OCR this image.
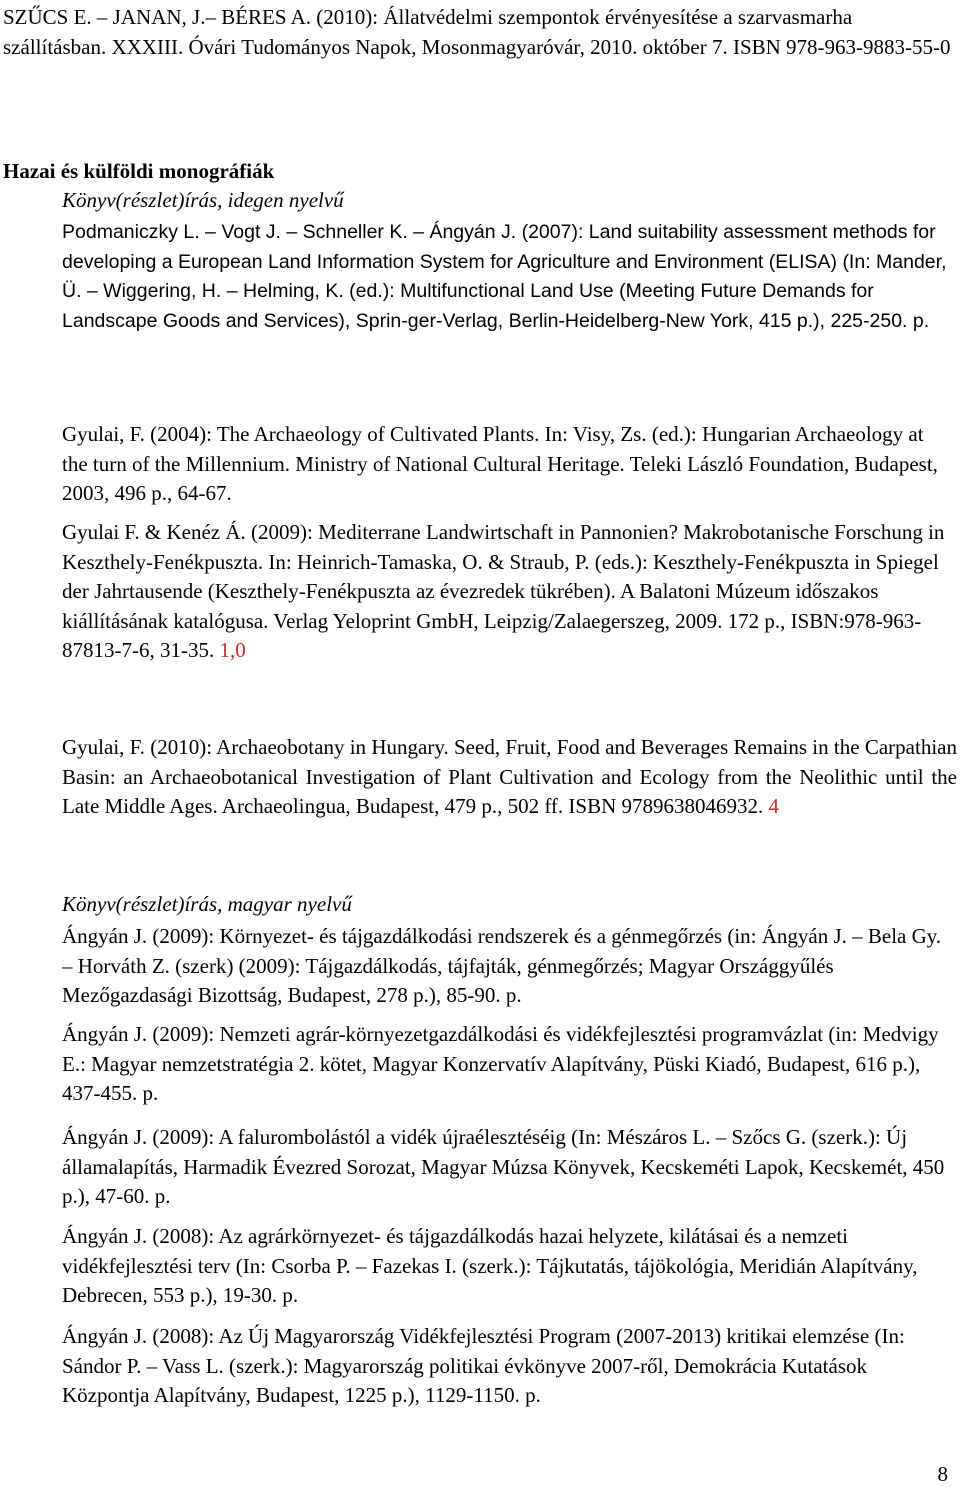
SZŰCS E. – JANAN, J.– BÉRES A. (2010): Állatvédelmi szempontok érvényesítése a szarvasmarha szállításban. XXXIII. Óvári Tudományos Napok, Mosonmagyaróvár, 2010. október 7. ISBN 978-963-9883-55-0

Hazai és külföldi monográfiák
Könyv(részlet)írás, idegen nyelvű

Podmaniczky L. – Vogt J. – Schneller K. – Ángyán J. (2007): Land suitability assessment methods for developing a European Land Information System for Agriculture and Environment (ELISA) (In: Mander, Ü. – Wiggering, H. – Helming, K. (ed.): Multifunctional Land Use (Meeting Future Demands for Landscape Goods and Services), Sprin-ger-Verlag, Berlin-Heidelberg-New York, 415 p.), 225-250. p.

Gyulai, F. (2004): The Archaeology of Cultivated Plants. In: Visy, Zs. (ed.): Hungarian Archaeology at the turn of the Millennium. Ministry of National Cultural Heritage. Teleki László Foundation, Budapest, 2003, 496 p., 64-67.

Gyulai F. & Kenéz Á. (2009): Mediterrane Landwirtschaft in Pannonien? Makrobotanische Forschung in Keszthely-Fenékpuszta. In: Heinrich-Tamaska, O. & Straub, P. (eds.): Keszthely-Fenékpuszta in Spiegel der Jahrtausende (Keszthely-Fenékpuszta az évezredek tükrében). A Balatoni Múzeum időszakos kiállításának katalógusa. Verlag Yeloprint GmbH, Leipzig/Zalaegerszeg, 2009. 172 p., ISBN:978-963-87813-7-6, 31-35. 1,0

Gyulai, F. (2010): Archaeobotany in Hungary. Seed, Fruit, Food and Beverages Remains in the Carpathian Basin: an Archaeobotanical Investigation of Plant Cultivation and Ecology from the Neolithic until the Late Middle Ages. Archaeolingua, Budapest, 479 p., 502 ff. ISBN 9789638046932. 4

Könyv(részlet)írás, magyar nyelvű

Ángyán J. (2009): Környezet- és tájgazdálkodási rendszerek és a génmegőrzés (in: Ángyán J. – Bela Gy. – Horváth Z. (szerk) (2009): Tájgazdálkodás, tájfajták, génmegőrzés; Magyar Országgyűlés Mezőgazdasági Bizottság, Budapest, 278 p.), 85-90. p.

Ángyán J. (2009): Nemzeti agrár-környezetgazdálkodási és vidékfejlesztési programvázlat (in: Medvigy E.: Magyar nemzetstratégia 2. kötet, Magyar Konzervatív Alapítvány, Püski Kiadó, Budapest, 616 p.), 437-455. p.

Ángyán J. (2009): A falurombolástól a vidék újraélesztéséig (In: Mészáros L. – Szőcs G. (szerk.): Új államalapítás, Harmadik Évezred Sorozat, Magyar Múzsa Könyvek, Kecskeméti Lapok, Kecskemét, 450 p.), 47-60. p.

Ángyán J. (2008): Az agrárkörnyezet- és tájgazdálkodás hazai helyzete, kilátásai és a nemzeti vidékfejlesztési terv (In: Csorba P. – Fazekas I. (szerk.): Tájkutatás, tájökológia, Meridián Alapítvány, Debrecen, 553 p.), 19-30. p.

Ángyán J. (2008): Az Új Magyarország Vidékfejlesztési Program (2007-2013) kritikai elemzése (In: Sándor P. – Vass L. (szerk.): Magyarország politikai évkönyve 2007-ről, Demokrácia Kutatások Központja Alapítvány, Budapest, 1225 p.), 1129-1150. p.

8
